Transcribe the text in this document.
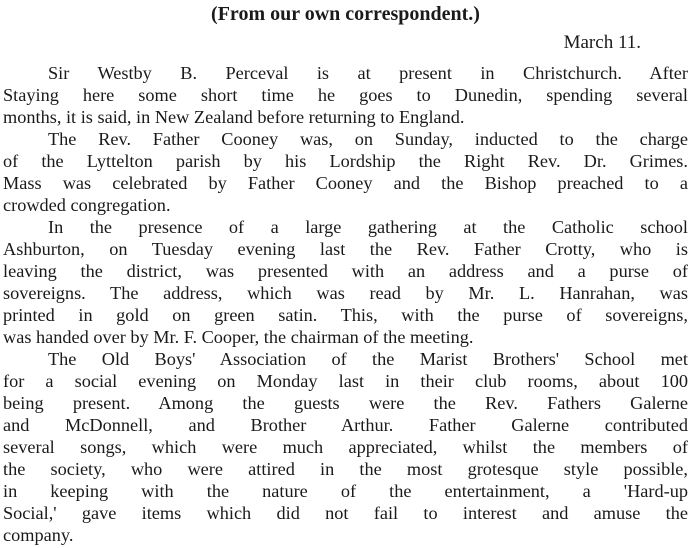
(From our own correspondent.)
March 11.
Sir Westby B. Perceval is at present in Christchurch. After
Staying here some short time he goes to Dunedin, spending several
months, it is said, in New Zealand before returning to England.
The Rev. Father Cooney was, on Sunday, inducted to the charge
of the Lyttelton parish by his Lordship the Right Rev. Dr. Grimes.
Mass was celebrated by Father Cooney and the Bishop preached to a
crowded congregation.
In the presence of a large gathering at the Catholic school
Ashburton, on Tuesday evening last the Rev. Father Crotty, who is
leaving the district, was presented with an address and a purse of
sovereigns. The address, which was read by Mr. L. Hanrahan, was
printed in gold on green satin. This, with the purse of sovereigns,
was handed over by Mr. F. Cooper, the chairman of the meeting.
The Old Boys' Association of the Marist Brothers' School met
for a social evening on Monday last in their club rooms, about 100
being present. Among the guests were the Rev. Fathers Galerne
and McDonnell, and Brother Arthur. Father Galerne contributed
several songs, which were much appreciated, whilst the members of
the society, who were attired in the most grotesque style possible,
in keeping with the nature of the entertainment, a 'Hard-up
Social,' gave items which did not fail to interest and amuse the
company.
